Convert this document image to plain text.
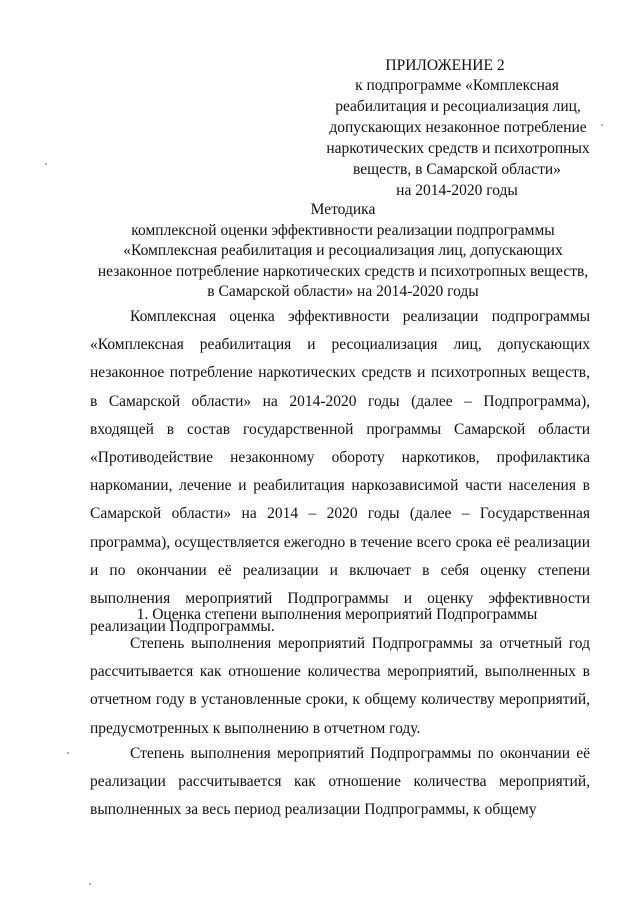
ПРИЛОЖЕНИЕ 2
к подпрограмме «Комплексная
реабилитация и ресоциализация лиц,
допускающих незаконное потребление
наркотических средств и психотропных
веществ, в Самарской области»
на 2014-2020 годы
Методика
комплексной оценки эффективности реализации подпрограммы
«Комплексная реабилитация и ресоциализация лиц, допускающих
незаконное потребление наркотических средств и психотропных веществ,
в Самарской области» на 2014-2020 годы

Комплексная оценка эффективности реализации подпрограммы «Комплексная реабилитация и ресоциализация лиц, допускающих незаконное потребление наркотических средств и психотропных веществ, в Самарской области» на 2014-2020 годы (далее – Подпрограмма), входящей в состав государственной программы Самарской области «Противодействие незаконному обороту наркотиков, профилактика наркомании, лечение и реабилитация наркозависимой части населения в Самарской области» на 2014 – 2020 годы (далее – Государственная программа), осуществляется ежегодно в течение всего срока её реализации и по окончании её реализации и включает в себя оценку степени выполнения мероприятий Подпрограммы и оценку эффективности реализации Подпрограммы.

1. Оценка степени выполнения мероприятий Подпрограммы

Степень выполнения мероприятий Подпрограммы за отчетный год рассчитывается как отношение количества мероприятий, выполненных в отчетном году в установленные сроки, к общему количеству мероприятий, предусмотренных к выполнению в отчетном году.

Степень выполнения мероприятий Подпрограммы по окончании её реализации рассчитывается как отношение количества мероприятий, выполненных за весь период реализации Подпрограммы, к общему
